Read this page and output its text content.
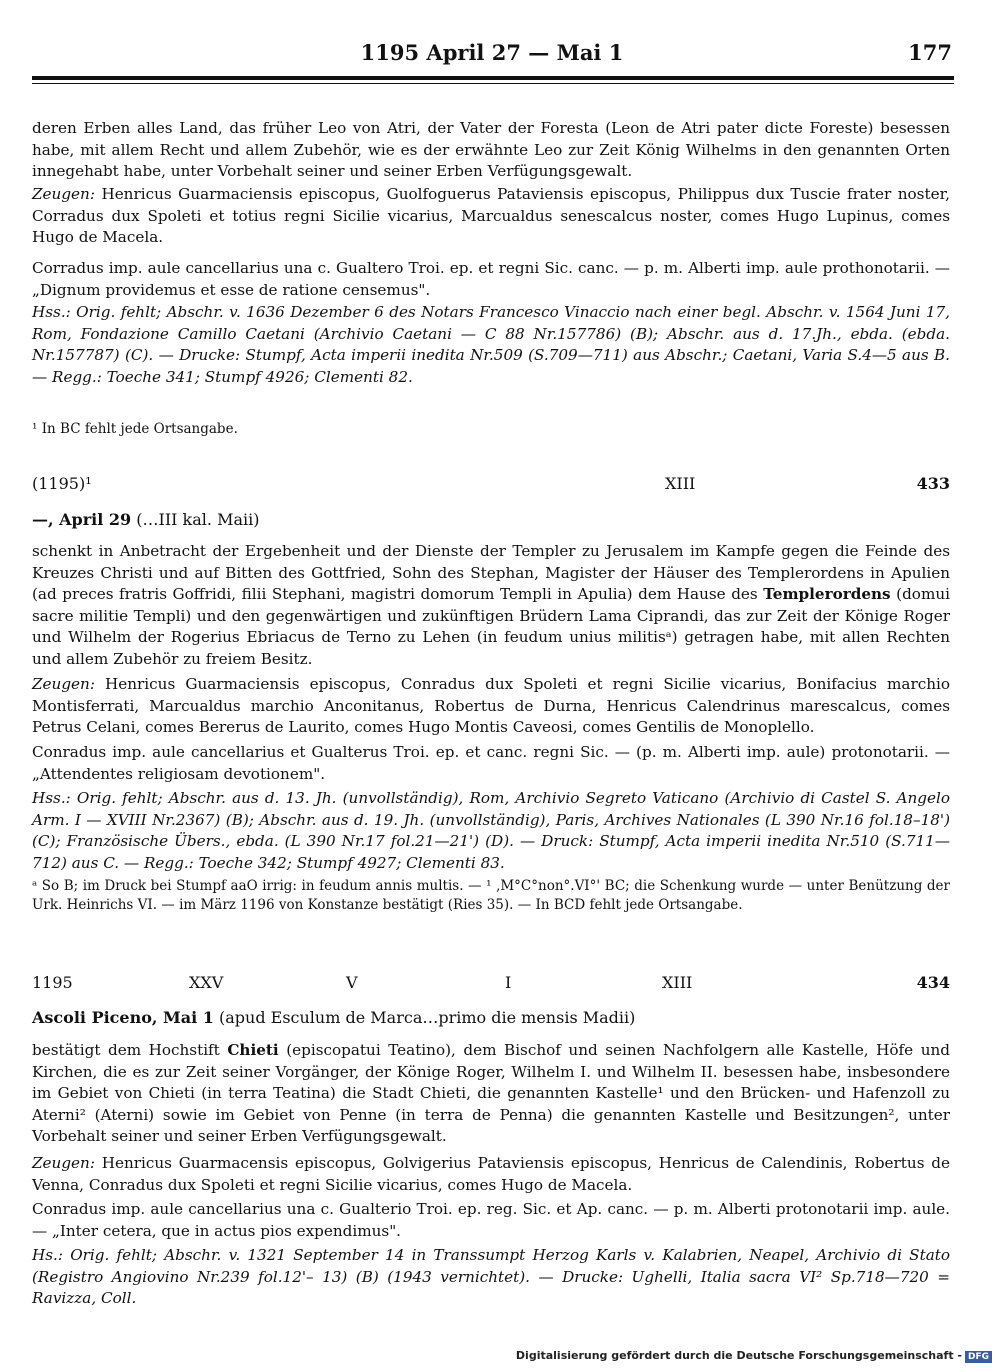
1195 April 27 — Mai 1	177
deren Erben alles Land, das früher Leo von Atri, der Vater der Foresta (Leon de Atri pater dicte Foreste) besessen habe, mit allem Recht und allem Zubehör, wie es der erwähnte Leo zur Zeit König Wilhelms in den genannten Orten innegehabt habe, unter Vorbehalt seiner und seiner Erben Verfügungsgewalt.
Zeugen: Henricus Guarmaciensis episcopus, Guolfoguerus Pataviensis episcopus, Philippus dux Tuscie frater noster, Corradus dux Spoleti et totius regni Sicilie vicarius, Marcualdus senescalcus noster, comes Hugo Lupinus, comes Hugo de Macela.
Corradus imp. aule cancellarius una c. Gualtero Troi. ep. et regni Sic. canc. — p. m. Alberti imp. aule prothonotarii. — „Dignum providemus et esse de ratione censemus".
Hss.: Orig. fehlt; Abschr. v. 1636 Dezember 6 des Notars Francesco Vinaccio nach einer begl. Abschr. v. 1564 Juni 17, Rom, Fondazione Camillo Caetani (Archivio Caetani — C 88 Nr.157786) (B); Abschr. aus d. 17.Jh., ebda. (ebda. Nr.157787) (C). — Drucke: Stumpf, Acta imperii inedita Nr.509 (S.709—711) aus Abschr.; Caetani, Varia S.4—5 aus B. — Regg.: Toeche 341; Stumpf 4926; Clementi 82.
¹ In BC fehlt jede Ortsangabe.
(1195)¹	XIII	433
—, April 29 (…III kal. Maii)
schenkt in Anbetracht der Ergebenheit und der Dienste der Templer zu Jerusalem im Kampfe gegen die Feinde des Kreuzes Christi und auf Bitten des Gottfried, Sohn des Stephan, Magister der Häuser des Templerordens in Apulien (ad preces fratris Goffridi, filii Stephani, magistri domorum Templi in Apulia) dem Hause des Templerordens (domui sacre militie Templi) und den gegenwärtigen und zukünftigen Brüdern Lama Ciprandi, das zur Zeit der Könige Roger und Wilhelm der Rogerius Ebriacus de Terno zu Lehen (in feudum unius militisᵃ) getragen habe, mit allen Rechten und allem Zubehör zu freiem Besitz.
Zeugen: Henricus Guarmaciensis episcopus, Conradus dux Spoleti et regni Sicilie vicarius, Bonifacius marchio Montisferrati, Marcualdus marchio Anconitanus, Robertus de Durna, Henricus Calendrinus marescalcus, comes Petrus Celani, comes Bererus de Laurito, comes Hugo Montis Caveosi, comes Gentilis de Monoplello.
Conradus imp. aule cancellarius et Gualterus Troi. ep. et canc. regni Sic. — (p. m. Alberti imp. aule) protonotarii. — „Attendentes religiosam devotionem".
Hss.: Orig. fehlt; Abschr. aus d. 13. Jh. (unvollständig), Rom, Archivio Segreto Vaticano (Archivio di Castel S. Angelo Arm. I — XVIII Nr.2367) (B); Abschr. aus d. 19. Jh. (unvollständig), Paris, Archives Nationales (L 390 Nr.16 fol.18–18') (C); Französische Übers., ebda. (L 390 Nr.17 fol.21—21') (D). — Druck: Stumpf, Acta imperii inedita Nr.510 (S.711—712) aus C. — Regg.: Toeche 342; Stumpf 4927; Clementi 83.
ᵃ So B; im Druck bei Stumpf aaO irrig: in feudum annis multis. — ¹ ‚M°C°non°.VI°' BC; die Schenkung wurde — unter Benützung der Urk. Heinrichs VI. — im März 1196 von Konstanze bestätigt (Ries 35). — In BCD fehlt jede Ortsangabe.
1195	XXV	V	I	XIII	434
Ascoli Piceno, Mai 1 (apud Esculum de Marca…primo die mensis Madii)
bestätigt dem Hochstift Chieti (episcopatui Teatino), dem Bischof und seinen Nachfolgern alle Kastelle, Höfe und Kirchen, die es zur Zeit seiner Vorgänger, der Könige Roger, Wilhelm I. und Wilhelm II. besessen habe, insbesondere im Gebiet von Chieti (in terra Teatina) die Stadt Chieti, die genannten Kastelle¹ und den Brücken- und Hafenzoll zu Aterni² (Aterni) sowie im Gebiet von Penne (in terra de Penna) die genannten Kastelle und Besitzungen², unter Vorbehalt seiner und seiner Erben Verfügungsgewalt.
Zeugen: Henricus Guarmacensis episcopus, Golvigerius Pataviensis episcopus, Henricus de Calendinis, Robertus de Venna, Conradus dux Spoleti et regni Sicilie vicarius, comes Hugo de Macela.
Conradus imp. aule cancellarius una c. Gualterio Troi. ep. reg. Sic. et Ap. canc. — p. m. Alberti protonotarii imp. aule. — „Inter cetera, que in actus pios expendimus".
Hs.: Orig. fehlt; Abschr. v. 1321 September 14 in Transsumpt Herzog Karls v. Kalabrien, Neapel, Archivio di Stato (Registro Angiovino Nr.239 fol.12'– 13) (B) (1943 vernichtet). — Drucke: Ughelli, Italia sacra VI² Sp.718—720 = Ravizza, Coll.
Digitalisierung gefördert durch die Deutsche Forschungsgemeinschaft - DFG
